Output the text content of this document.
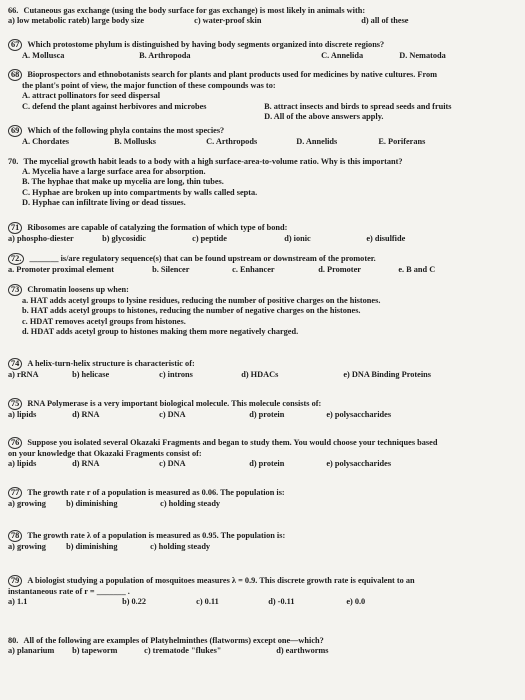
66. Cutaneous gas exchange (using the body surface for gas exchange) is most likely in animals with:
a) low metabolic rate b) large body size	c) water-proof skin	d) all of these
67 Which protostome phylum is distinguished by having body segments organized into discrete regions?
A. Mollusca	B. Arthropoda	C. Annelida	D. Nematoda
68 Bioprospectors and ethnobotanists search for plants and plant products used for medicines by native cultures. From
the plant's point of view, the major function of these compounds was to:
A. attract pollinators for seed dispersal
C. defend the plant against herbivores and microbes	B. attract insects and birds to spread seeds and fruits
D. All of the above answers apply.
69 Which of the following phyla contains the most species?
A. Chordates	B. Mollusks	C. Arthropods	D. Annelids	E. Poriferans
70. The mycelial growth habit leads to a body with a high surface-area-to-volume ratio. Why is this important?
A. Mycelia have a large surface area for absorption.
B. The hyphae that make up mycelia are long, thin tubes.
C. Hyphae are broken up into compartments by walls called septa.
D. Hyphae can infiltrate living or dead tissues.
71 Ribosomes are capable of catalyzing the formation of which type of bond:
a) phospho-diester	b) glycosidic	c) peptide	d) ionic	e) disulfide
72. _______ is/are regulatory sequence(s) that can be found upstream or downstream of the promoter.
a. Promoter proximal element	b. Silencer	c. Enhancer	d. Promoter	e. B and C
73 Chromatin loosens up when:
a. HAT adds acetyl groups to lysine residues, reducing the number of positive charges on the histones.
b. HAT adds acetyl groups to histones, reducing the number of negative charges on the histones.
c. HDAT removes acetyl groups from histones.
d. HDAT adds acetyl group to histones making them more negatively charged.
74 A helix-turn-helix structure is characteristic of:
a) rRNA	b) helicase	c) introns	d) HDACs	e) DNA Binding Proteins
75 RNA Polymerase is a very important biological molecule. This molecule consists of:
a) lipids	d) RNA	c) DNA	d) protein	e) polysaccharides
76 Suppose you isolated several Okazaki Fragments and began to study them. You would choose your techniques based
on your knowledge that Okazaki Fragments consist of:
a) lipids	d) RNA	c) DNA	d) protein	e) polysaccharides
77 The growth rate r of a population is measured as 0.06. The population is:
a) growing b) diminishing	c) holding steady
78 The growth rate λ of a population is measured as 0.95. The population is:
a) growing b) diminishing	c) holding steady
79 A biologist studying a population of mosquitoes measures λ = 0.9. This discrete growth rate is equivalent to an
instantaneous rate of r = _______ .
a) 1.1	b) 0.22	c) 0.11	d) -0.11	e) 0.0
80. All of the following are examples of Platyhelminthes (flatworms) except one—which?
a) planarium b) tapeworm	c) trematode "flukes"	d) earthworms
